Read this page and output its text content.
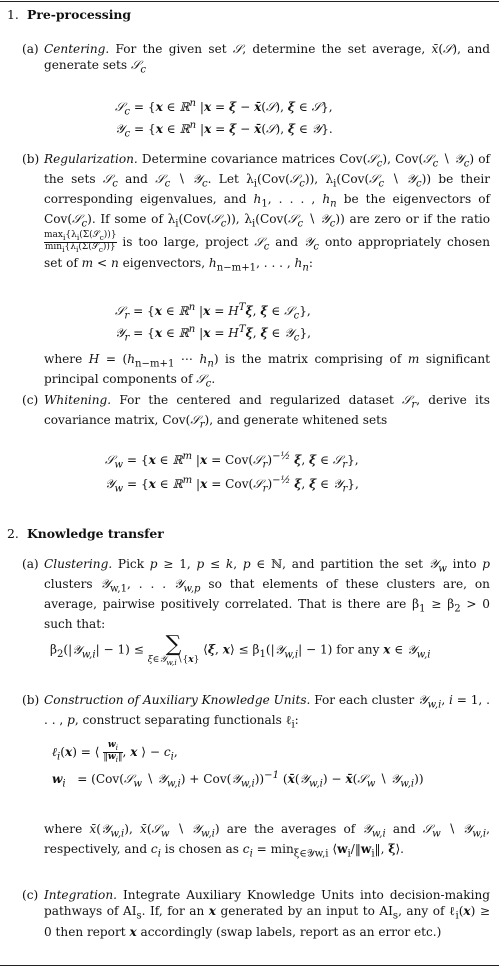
1. Pre-processing
(a) Centering. For the given set 𝒮, determine the set average, x̄(𝒮), and generate sets 𝒮$_c$
𝒮$_c$ = {x ∈ ℝ$^n$ |x = ξ − x̄(𝒮), ξ ∈ 𝒮},
𝒴$_c$ = {x ∈ ℝ$^n$ |x = ξ − x̄(𝒮), ξ ∈ 𝒴}.
(b) Regularization. Determine covariance matrices Cov(𝒮$_c$), Cov(𝒮$_c$ ∖ 𝒴$_c$) of the sets 𝒮$_c$ and 𝒮$_c$ ∖ 𝒴$_c$. Let $\lambda_i(Cov(𝒮_c))$, $\lambda_i(Cov(𝒮_c$ ∖ 𝒴$_c$)) be their corresponding eigenvalues, and $h_1$, . . . , $h_n$ be the eigenvectors of Cov(𝒮$_c$). If some of $\lambda_i(Cov(𝒮_c))$, $\lambda_i(Cov(𝒮_c$ ∖ 𝒴$_c$)) are zero or if the ratio
$\max_i\{\lambda_i(\Sigma(𝒮_c))\}$
$\min_i\{\lambda_i(\Sigma(𝒮_c))\}$ is too large, project 𝒮$_c$ and 𝒴$_c$ onto appropriately chosen set of m < n eigenvectors, $h_{n-m+1}$, . . . , $h_n$:
𝒮$_r$ = {x ∈ ℝ$^n$ $|x = H^T\xi$, ξ ∈ 𝒮$_c$},
𝒴$_r$ = {x ∈ ℝ$^n$ $|x = H^T\xi$, ξ ∈ 𝒴$_c$},
where $H = (h_{n-m+1}$ ⋯ $h_n$) is the matrix comprising of m significant principal components of 𝒮$_c$.
(c) Whitening. For the centered and regularized dataset 𝒮$_r$, derive its covariance matrix, Cov(𝒮$_r$), and generate whitened sets
𝒮$_w$ = {x ∈ ℝ$^m$ |x = Cov(𝒮$_r$)$^{-\frac{1}{2}}$ ξ, ξ ∈ 𝒮$_r$},
𝒴$_w$ = {x ∈ ℝ$^m$ |x = Cov(𝒮$_r$)$^{-\frac{1}{2}}$ ξ, ξ ∈ 𝒴$_r$},
2. Knowledge transfer
(a) Clustering. Pick p ≥ 1, p ≤ k, p ∈ ℕ, and partition the set 𝒴$_w$ into p clusters 𝒴$_{w,1}$, . . . 𝒴$_{w,p}$ so that elements of these clusters are, on average, pairwise positively correlated. That is there are $\beta_1 \ge \beta_2 > 0$ such that:
$\beta_2(|𝒴_{w,i}| - 1)$ ≤ ∑
ξ∈𝒴$_{w,i}$∖{x}
⟨ξ, x⟩ ≤ $\beta_1(|𝒴_{w,i}| - 1)$ for any x ∈ 𝒴$_{w,i}$
(b) Construction of Auxiliary Knowledge Units. For each cluster 𝒴$_{w,i}$, i = 1, . . . , p, construct separating functionals ℓ$_i$:
ℓ$_i$(x) = ⟨ $\frac{w_i}{‖w_i‖}$ , x ⟩ − $c_i$,
$w_i$ = (Cov(𝒮$_w$ ∖ 𝒴$_{w,i}$) + Cov(𝒴$_{w,i}$))$^{-1}$ (x̄(𝒴$_{w,i}$) − x̄(𝒮$_w$ ∖ 𝒴$_{w,i}$))
where x̄(𝒴$_{w,i}$), x̄(𝒮$_w$ ∖ 𝒴$_{w,i}$) are the averages of 𝒴$_{w,i}$ and 𝒮$_w$ ∖ 𝒴$_{w,i}$, respectively, and $c_i$ is chosen as $c_i = \min_{\xi\in 𝒴w,i}$ $⟨w_i/‖w_i‖$, ξ⟩.
(c) Integration. Integrate Auxiliary Knowledge Units into decision-making pathways of $AI_s$. If, for an x generated by an input to $AI_s$, any of ℓ$_i$(x) ≥ 0 then report x accordingly (swap labels, report as an error etc.)
